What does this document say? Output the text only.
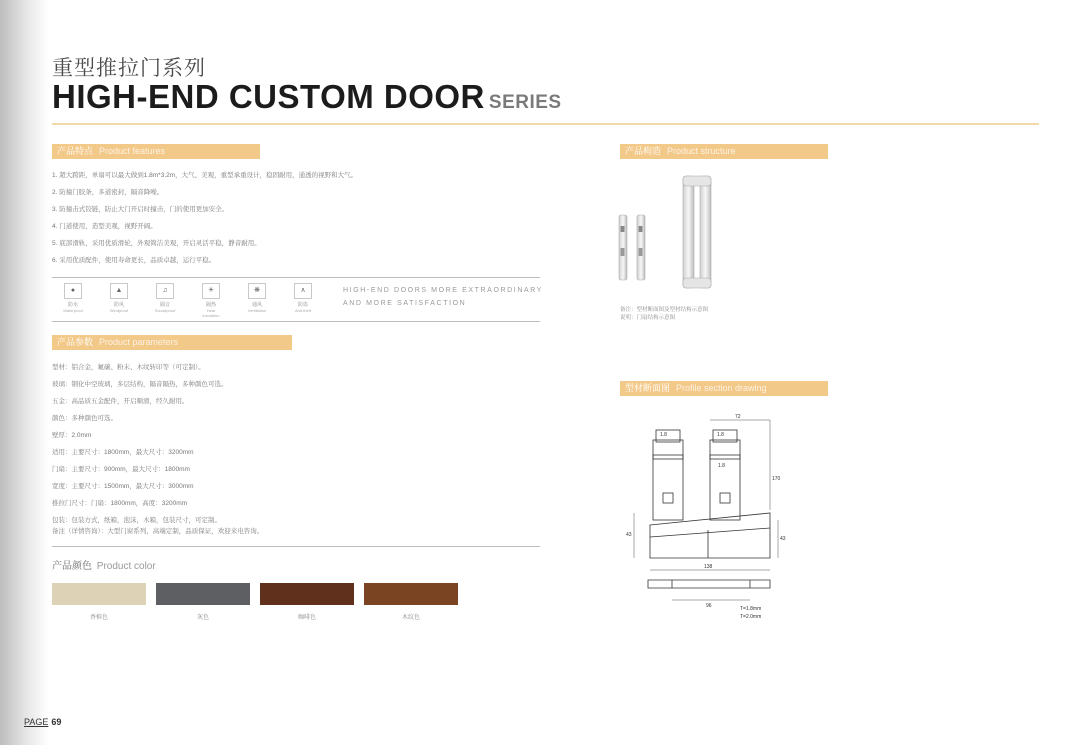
重型推拉门系列
HIGH-END CUSTOM DOOR SERIES
产品特点 Product features
1. 超大跨距，单扇可以最大做到1.8m*3.2m，大气、美观，重型承重设计，稳固耐用，通透的视野和大气。
2. 防撞门胶条，多道密封，隔音降噪。
3. 防撞击式铰链，防止大门开启时撞击，门的使用更加安全。
4. 门道使用，造型美观，视野开阔。
5. 底部滑轨，采用优质滑轮，外观简洁美观，开启灵活平稳，静音耐用。
6. 采用优质配件，使用寿命更长，品质卓越，运行平稳。
●
防水
Waterproof
▲
防风
Windproof
♫
隔音
Soundproof
☀
隔热
Heat insulation
❋
通风
Ventilation
∧
防盗
Anti-theft
HIGH-END DOORS MORE EXTRAORDINARY
AND MORE SATISFACTION
产品参数 Product parameters
型材：铝合金，氟碳、粉末、木纹转印等（可定制）。
玻璃：钢化中空玻璃，多层结构，隔音隔热，多种颜色可选。
五金：高品质五金配件，开启顺滑，经久耐用。
颜色：多种颜色可选。
壁厚：2.0mm
适用：主要尺寸：1800mm，最大尺寸：3200mm
门扇：主要尺寸：900mm，最大尺寸：1800mm
宽度：主要尺寸：1500mm，最大尺寸：3000mm
推拉门尺寸：门扇：1800mm，高度：3200mm
包装：包装方式，纸箱，泡沫，木箱，包装尺寸，可定制。
备注（详情咨询）：大型门窗系列，高端定制，品质保证，欢迎来电咨询。
产品颜色 Product color
香槟色	灰色	咖啡色	木纹色
产品构造 Product structure
备注：型材断面图及型材结构示意图
说明：门扇结构示意图
型材断面图 Profile section drawing
1.8	1.8
1.8
72
170
43
43
138
96	T=1.8mm
T=2.0mm
PAGE 69
